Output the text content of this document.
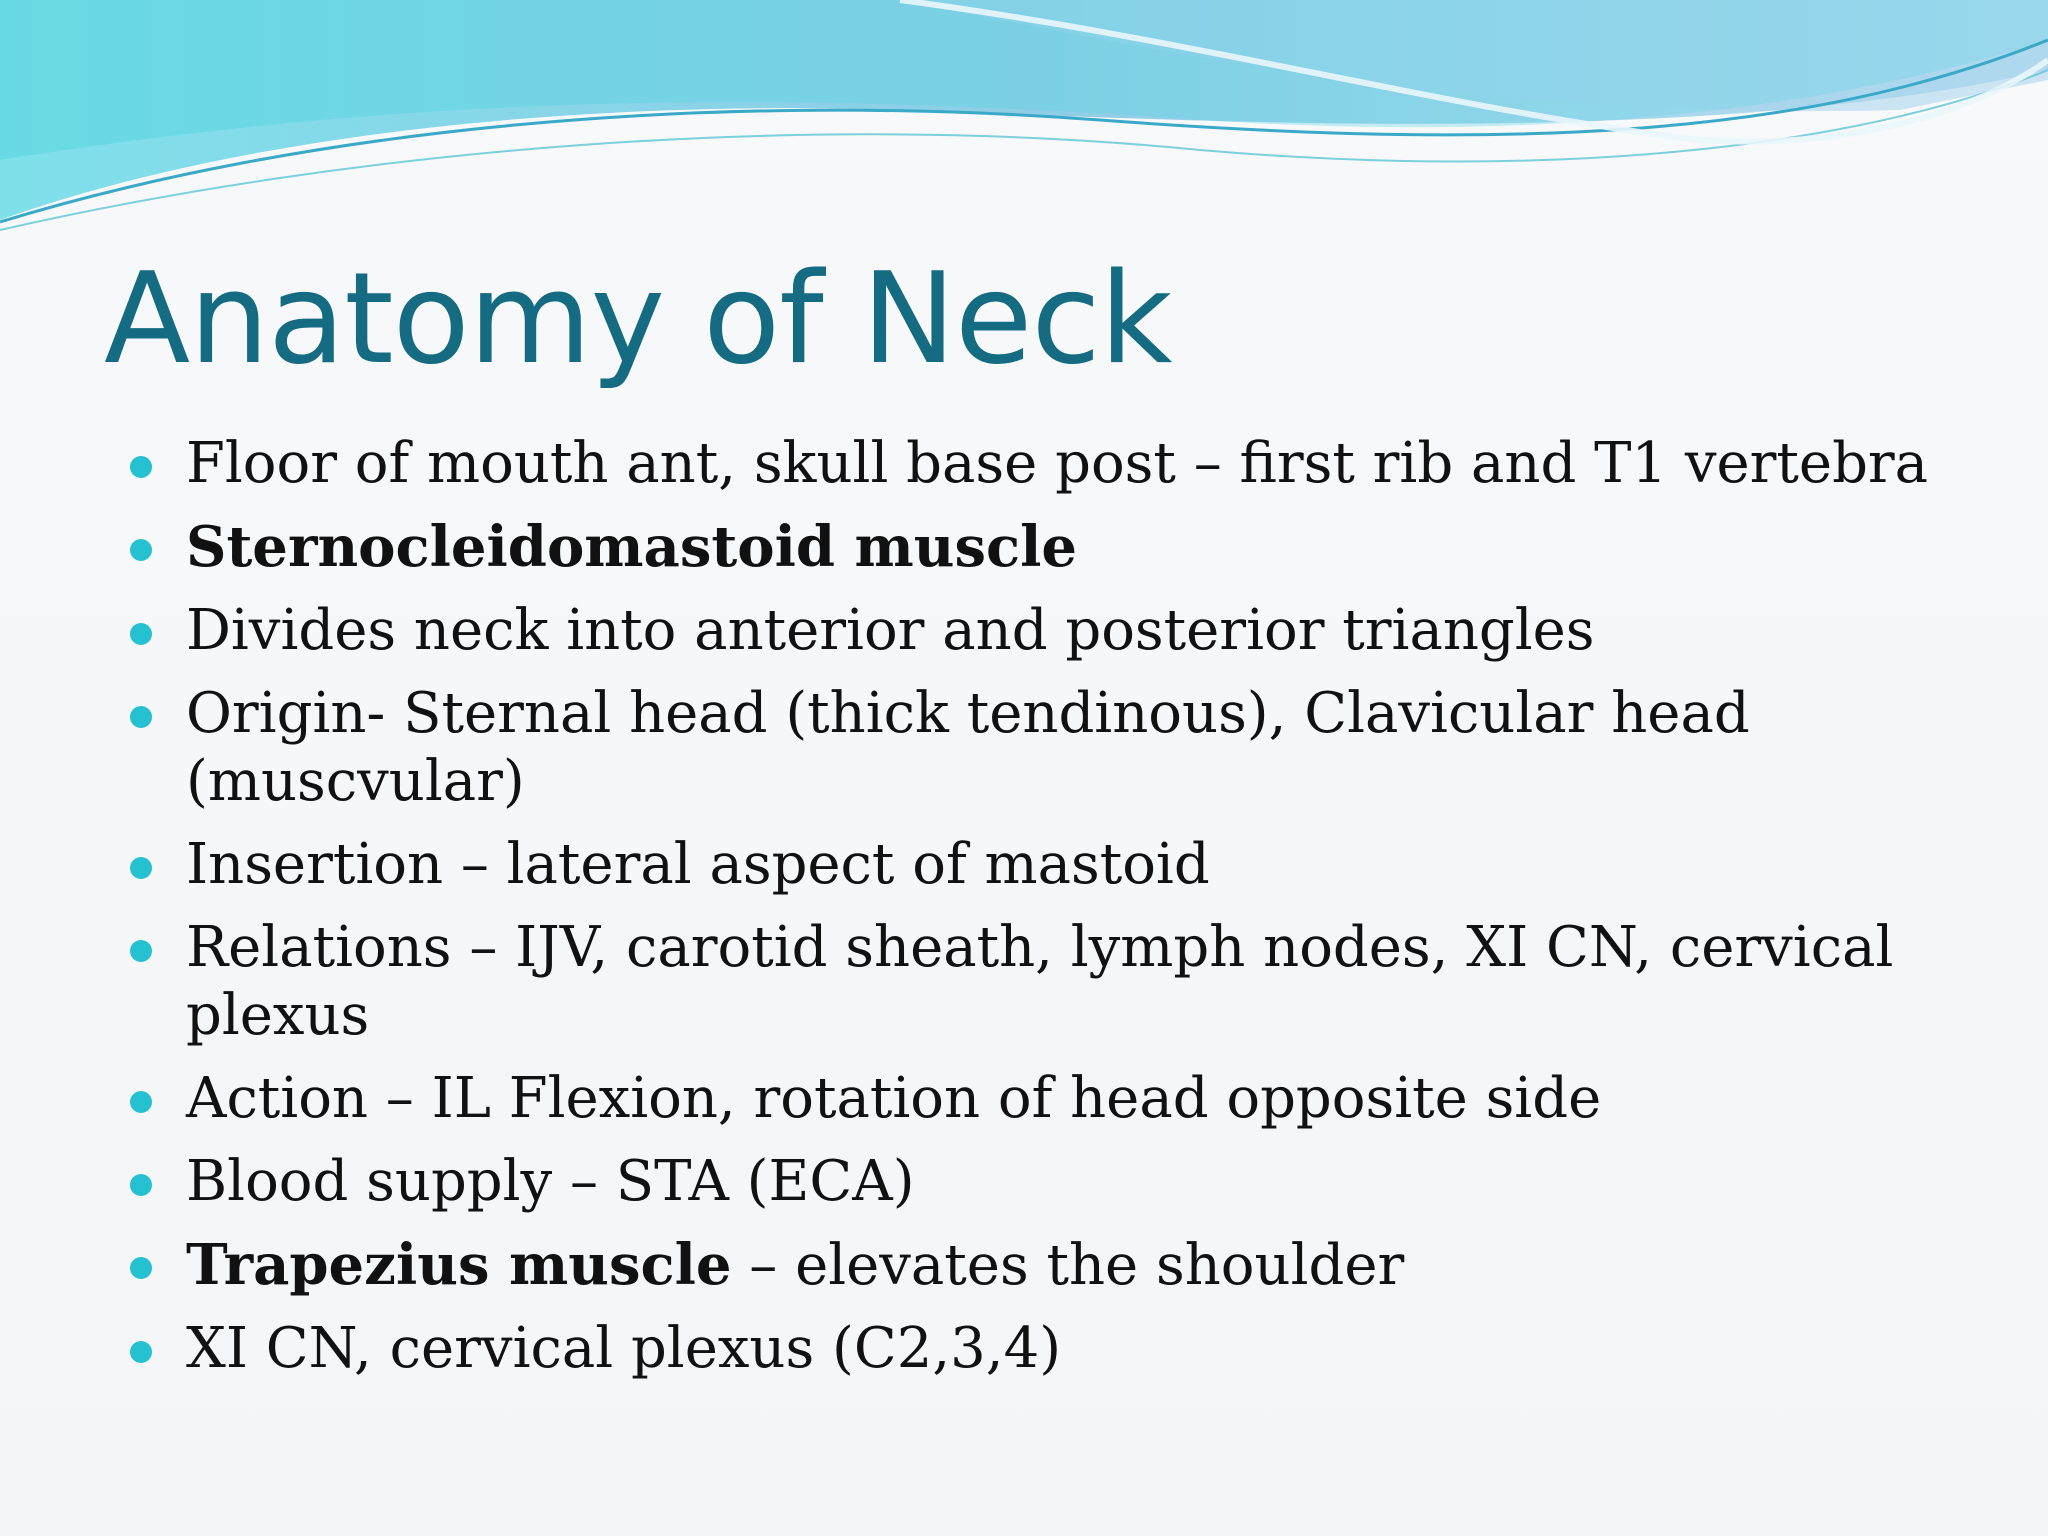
Anatomy of Neck
Floor of mouth ant, skull base post – first rib and T1 vertebra
Sternocleidomastoid muscle
Divides neck into anterior and posterior triangles
Origin- Sternal head (thick tendinous), Clavicular head (muscvular)
Insertion – lateral aspect of mastoid
Relations – IJV, carotid sheath, lymph nodes, XI CN, cervical plexus
Action – IL Flexion, rotation of head opposite side
Blood supply – STA (ECA)
Trapezius muscle – elevates the shoulder
XI CN, cervical plexus (C2,3,4)
